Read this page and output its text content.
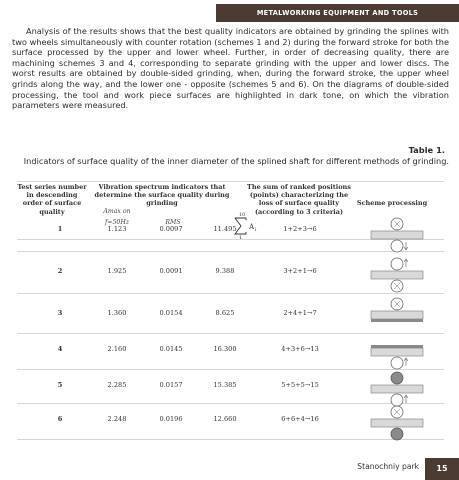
METALWORKING EQUIPMENT AND TOOLS
Analysis of the results shows that the best quality indicators are obtained by grinding the splines with two wheels simultaneously with counter rotation (schemes 1 and 2) during the forward stroke for both the surface processed by the upper and lower wheel. Further, in order of decreasing quality, there are machining schemes 3 and 4, corresponding to separate grinding with the upper and lower discs. The worst results are obtained by double-sided grinding, when, during the forward stroke, the upper wheel grinds along the way, and the lower one - opposite (schemes 5 and 6). On the diagrams of double-sided processing, the tool and work piece surfaces are highlighted in dark tone, on which the vibration parameters were measured.
Table 1.
Indicators of surface quality of the inner diameter of the splined shaft for different methods of grinding.
Test series number in descending order of surface quality
Vibration spectrum indicators that determine the surface quality during grinding
The sum of ranked positions (points) characterizing the loss of surface quality (according to 3 criteria)
Scheme processing
Amax on
f=50Hz	RMS
10
A i
1
1	1.123	0.0097	11.495	1+2+3→6
2	1.925	0.0091	9.388	3+2+1→6
3	1.360	0.0154	8.625	2+4+1→7
4	2.160	0.0145	16.300	4+3+6→13
5	2.285	0.0157	15.385	5+5+5→15
6	2.248	0.0196	12.660	6+6+4→16
Stanochniy park	15
